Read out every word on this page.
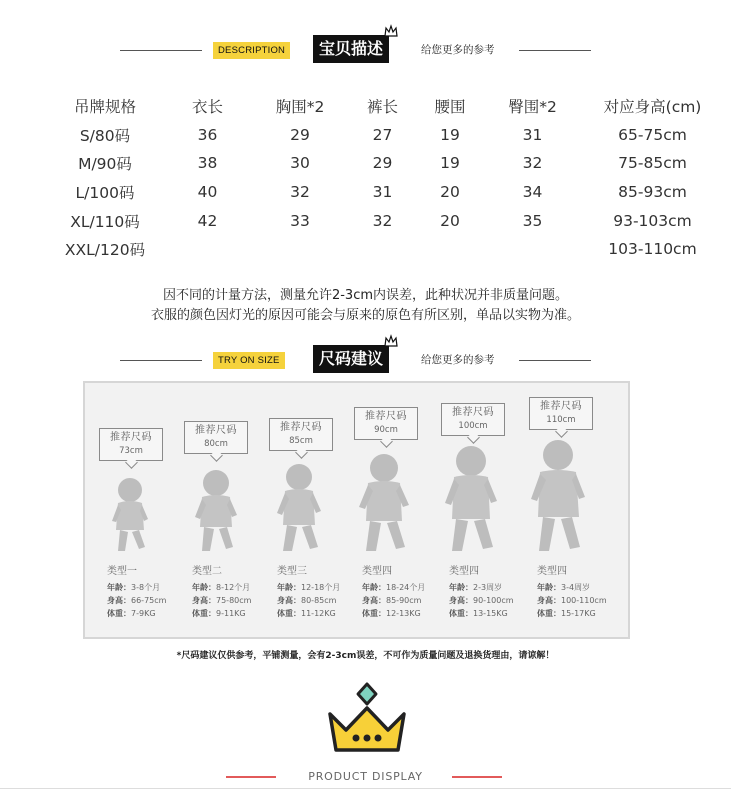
DESCRIPTION	宝贝描述	给您更多的参考
吊牌规格	衣长	胸围*2	裤长	腰围	臀围*2	对应身高(cm)
S/80码	36	29	27	19	31	65-75cm
M/90码	38	30	29	19	32	75-85cm
L/100码	40	32	31	20	34	85-93cm
XL/110码	42	33	32	20	35	93-103cm
XXL/120码						103-110cm
因不同的计量方法，测量允许2-3cm内误差，此种状况并非质量问题。
衣服的颜色因灯光的原因可能会与原来的原色有所区别，单品以实物为准。
TRY ON SIZE	尺码建议	给您更多的参考
推荐尺码
73cm
类型一
年龄：3-8个月
身高：66-75cm
体重：7-9KG
推荐尺码
80cm
类型二
年龄：8-12个月
身高：75-80cm
体重：9-11KG
推荐尺码
85cm
类型三
年龄：12-18个月
身高：80-85cm
体重：11-12KG
推荐尺码
90cm
类型四
年龄：18-24个月
身高：85-90cm
体重：12-13KG
推荐尺码
100cm
类型四
年龄：2-3周岁
身高：90-100cm
体重：13-15KG
推荐尺码
110cm
类型四
年龄：3-4周岁
身高：100-110cm
体重：15-17KG
*尺码建议仅供参考，平铺测量，会有2-3cm误差，不可作为质量问题及退换货理由，请谅解！
PRODUCT DISPLAY
